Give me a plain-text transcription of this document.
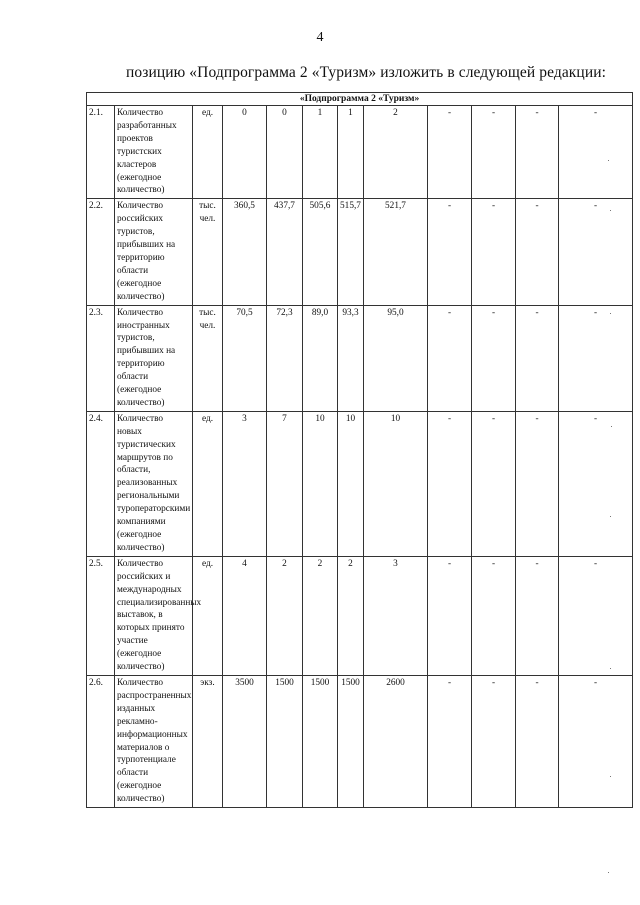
4
позицию «Подпрограмма 2 «Туризм» изложить в следующей редакции:
«Подпрограмма 2 «Туризм»											
2.1.	Количество разработанных проектов туристских кластеров (ежегодное количество)	ед.	0	0	1	1	2	-	-	-	-
2.2.	Количество российских туристов, прибывших на территорию области (ежегодное количество)	тыс. чел.	360,5	437,7	505,6	515,7	521,7	-	-	-	-
2.3.	Количество иностранных туристов, прибывших на территорию области (ежегодное количество)	тыс. чел.	70,5	72,3	89,0	93,3	95,0	-	-	-	-
2.4.	Количество новых туристических маршрутов по области, реализованных региональными туроператорскими компаниями (ежегодное количество)	ед.	3	7	10	10	10	-	-	-	-
2.5.	Количество российских и международных специализированных выставок, в которых принято участие (ежегодное количество)	ед.	4	2	2	2	3	-	-	-	-
2.6.	Количество распространенных изданных рекламно-информационных материалов о турпотенциале области (ежегодное количество)	экз.	3500	1500	1500	1500	2600	-	-	-	-
